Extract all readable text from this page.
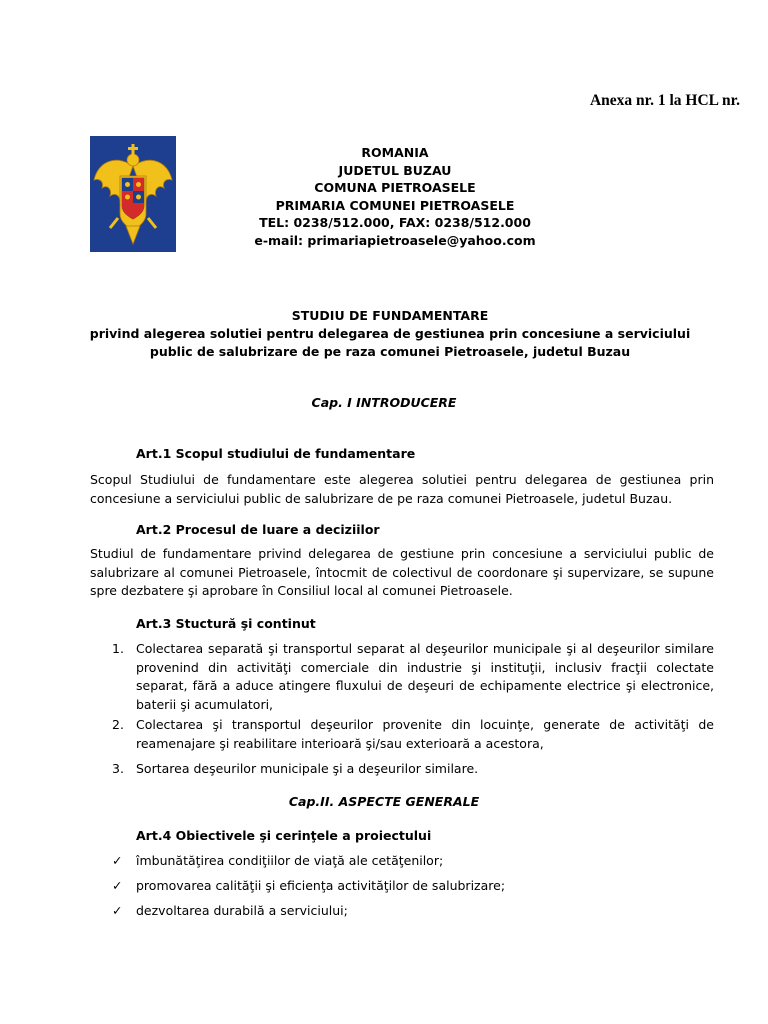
Anexa nr. 1 la HCL nr.
ROMANIA
JUDETUL BUZAU
COMUNA PIETROASELE
PRIMARIA COMUNEI PIETROASELE
TEL: 0238/512.000, FAX: 0238/512.000
e-mail: primariapietroasele@yahoo.com
STUDIU DE FUNDAMENTARE
privind alegerea solutiei pentru delegarea de gestiunea prin concesiune a serviciului
public de salubrizare de pe raza comunei Pietroasele, judetul Buzau
Cap. I INTRODUCERE
Art.1 Scopul studiului de fundamentare
Scopul Studiului de fundamentare este alegerea solutiei pentru delegarea de gestiunea prin concesiune a serviciului public de salubrizare de pe raza comunei Pietroasele, judetul Buzau.
Art.2 Procesul de luare a deciziilor
Studiul de fundamentare privind delegarea de gestiune prin concesiune a serviciului public de salubrizare al comunei Pietroasele, întocmit de colectivul de coordonare şi supervizare, se supune spre dezbatere şi aprobare în Consiliul local al comunei Pietroasele.
Art.3 Stuctură şi continut
1. Colectarea separată şi transportul separat al deşeurilor municipale şi al deşeurilor similare provenind din activităţi comerciale din industrie şi instituţii, inclusiv fracţii colectate separat, fără a aduce atingere fluxului de deşeuri de echipamente electrice şi electronice, baterii şi acumulatori,
2. Colectarea şi transportul deşeurilor provenite din locuinţe, generate de activităţi de reamenajare şi reabilitare interioară şi/sau exterioară a acestora,
3. Sortarea deşeurilor municipale şi a deşeurilor similare.
Cap.II. ASPECTE GENERALE
Art.4 Obiectivele şi cerinţele a proiectului
✓ îmbunătăţirea condiţiilor de viaţă ale cetăţenilor;
✓ promovarea calităţii şi eficienţa activităţilor de salubrizare;
✓ dezvoltarea durabilă a serviciului;
